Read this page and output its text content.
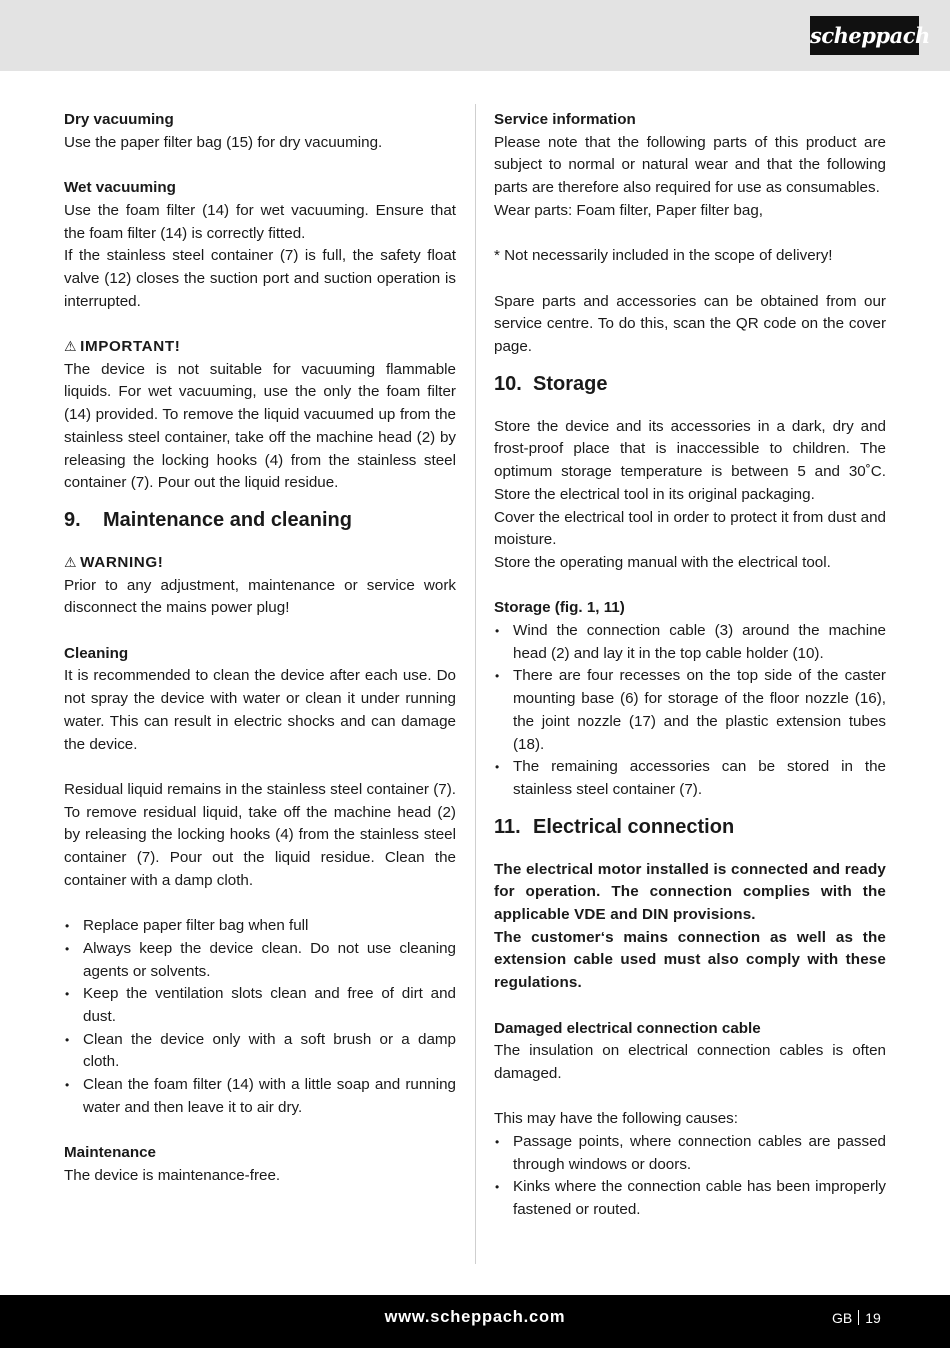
scheppach

Dry vacuuming

Use the paper filter bag (15) for dry vacuuming.

Wet vacuuming

Use the foam filter (14) for wet vacuuming. Ensure that the foam filter (14) is correctly fitted.

If the stainless steel container (7) is full, the safety float valve (12) closes the suction port and suction operation is interrupted.

⚠ IMPORTANT!

The device is not suitable for vacuuming flammable liquids. For wet vacuuming, use the only the foam filter (14) provided. To remove the liquid vacuumed up from the stainless steel container, take off the machine head (2) by releasing the locking hooks (4) from the stainless steel container (7). Pour out the liquid residue.

9. Maintenance and cleaning

⚠ WARNING!

Prior to any adjustment, maintenance or service work disconnect the mains power plug!

Cleaning

It is recommended to clean the device after each use. Do not spray the device with water or clean it under running water. This can result in electric shocks and can damage the device.

Residual liquid remains in the stainless steel container (7). To remove residual liquid, take off the machine head (2) by releasing the locking hooks (4) from the stainless steel container (7). Pour out the liquid residue. Clean the container with a damp cloth.

• Replace paper filter bag when full
• Always keep the device clean. Do not use cleaning agents or solvents.
• Keep the ventilation slots clean and free of dirt and dust.
• Clean the device only with a soft brush or a damp cloth.
• Clean the foam filter (14) with a little soap and running water and then leave it to air dry.

Maintenance

The device is maintenance-free.

Service information

Please note that the following parts of this product are subject to normal or natural wear and that the following parts are therefore also required for use as consumables.

Wear parts: Foam filter, Paper filter bag,

* Not necessarily included in the scope of delivery!

Spare parts and accessories can be obtained from our service centre. To do this, scan the QR code on the cover page.

10. Storage

Store the device and its accessories in a dark, dry and frost-proof place that is inaccessible to children. The optimum storage temperature is between 5 and 30˚C. Store the electrical tool in its original packaging.

Cover the electrical tool in order to protect it from dust and moisture.

Store the operating manual with the electrical tool.

Storage (fig. 1, 11)

• Wind the connection cable (3) around the machine head (2) and lay it in the top cable holder (10).
• There are four recesses on the top side of the caster mounting base (6) for storage of the floor nozzle (16), the joint nozzle (17) and the plastic extension tubes (18).
• The remaining accessories can be stored in the stainless steel container (7).
11. Electrical connection

The electrical motor installed is connected and ready for operation. The connection complies with the applicable VDE and DIN provisions.

The customer‘s mains connection as well as the extension cable used must also comply with these regulations.

Damaged electrical connection cable

The insulation on electrical connection cables is often damaged.

This may have the following causes:

• Passage points, where connection cables are passed through windows or doors.
• Kinks where the connection cable has been improperly fastened or routed.
www.scheppach.com	GB 19
